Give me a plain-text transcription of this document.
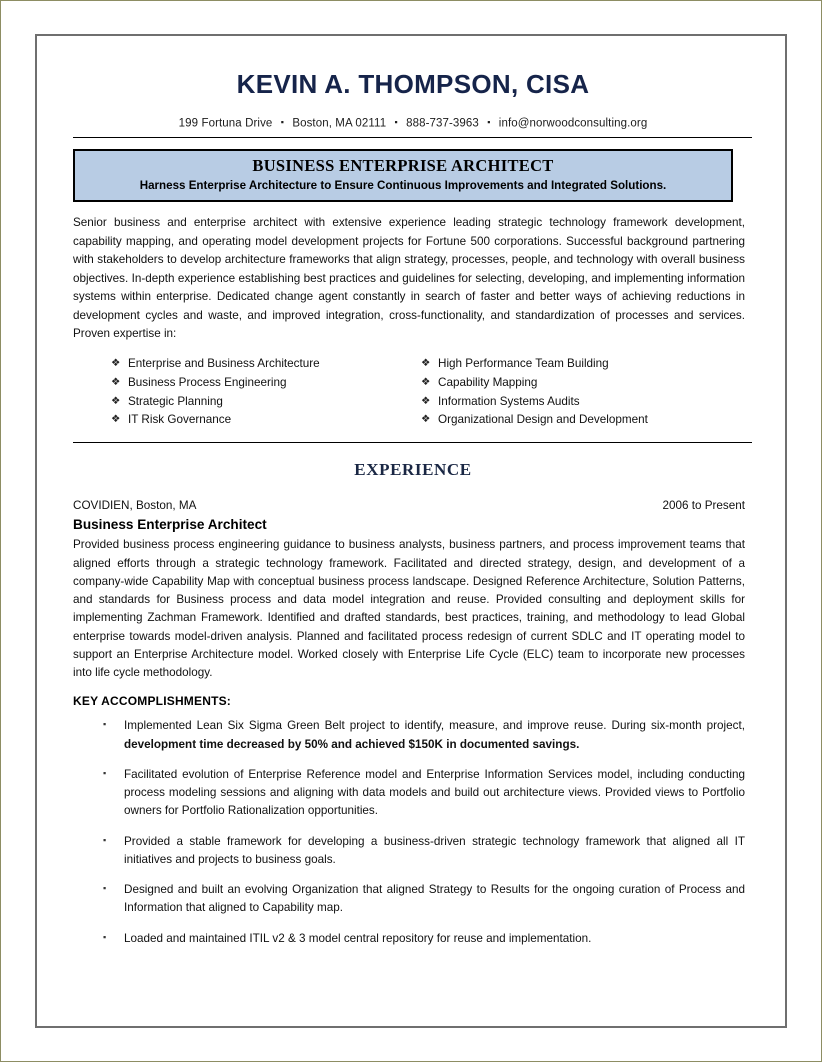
KEVIN A. THOMPSON, CISA
199 Fortuna Drive ▪ Boston, MA 02111 ▪ 888-737-3963 ▪ info@norwoodconsulting.org
BUSINESS ENTERPRISE ARCHITECT
Harness Enterprise Architecture to Ensure Continuous Improvements and Integrated Solutions.
Senior business and enterprise architect with extensive experience leading strategic technology framework development, capability mapping, and operating model development projects for Fortune 500 corporations. Successful background partnering with stakeholders to develop architecture frameworks that align strategy, processes, people, and technology with overall business objectives. In-depth experience establishing best practices and guidelines for selecting, developing, and implementing information systems within enterprise. Dedicated change agent constantly in search of faster and better ways of achieving reductions in development cycles and waste, and improved integration, cross-functionality, and standardization of processes and services. Proven expertise in:
❖ Enterprise and Business Architecture
❖ Business Process Engineering
❖ Strategic Planning
❖ IT Risk Governance
❖ High Performance Team Building
❖ Capability Mapping
❖ Information Systems Audits
❖ Organizational Design and Development
EXPERIENCE
COVIDIEN, Boston, MA	2006 to Present
Business Enterprise Architect
Provided business process engineering guidance to business analysts, business partners, and process improvement teams that aligned efforts through a strategic technology framework. Facilitated and directed strategy, design, and development of a company-wide Capability Map with conceptual business process landscape. Designed Reference Architecture, Solution Patterns, and standards for Business process and data model integration and reuse. Provided consulting and deployment skills for implementing Zachman Framework. Identified and drafted standards, best practices, training, and methodology to lead Global enterprise towards model-driven analysis. Planned and facilitated process redesign of current SDLC and IT operating model to support an Enterprise Architecture model. Worked closely with Enterprise Life Cycle (ELC) team to incorporate new processes into life cycle methodology.
KEY ACCOMPLISHMENTS:
▪	Implemented Lean Six Sigma Green Belt project to identify, measure, and improve reuse. During six-month project, development time decreased by 50% and achieved $150K in documented savings.
▪	Facilitated evolution of Enterprise Reference model and Enterprise Information Services model, including conducting process modeling sessions and aligning with data models and build out architecture views. Provided views to Portfolio owners for Portfolio Rationalization opportunities.
▪	Provided a stable framework for developing a business-driven strategic technology framework that aligned all IT initiatives and projects to business goals.
▪	Designed and built an evolving Organization that aligned Strategy to Results for the ongoing curation of Process and Information that aligned to Capability map.
▪	Loaded and maintained ITIL v2 & 3 model central repository for reuse and implementation.
